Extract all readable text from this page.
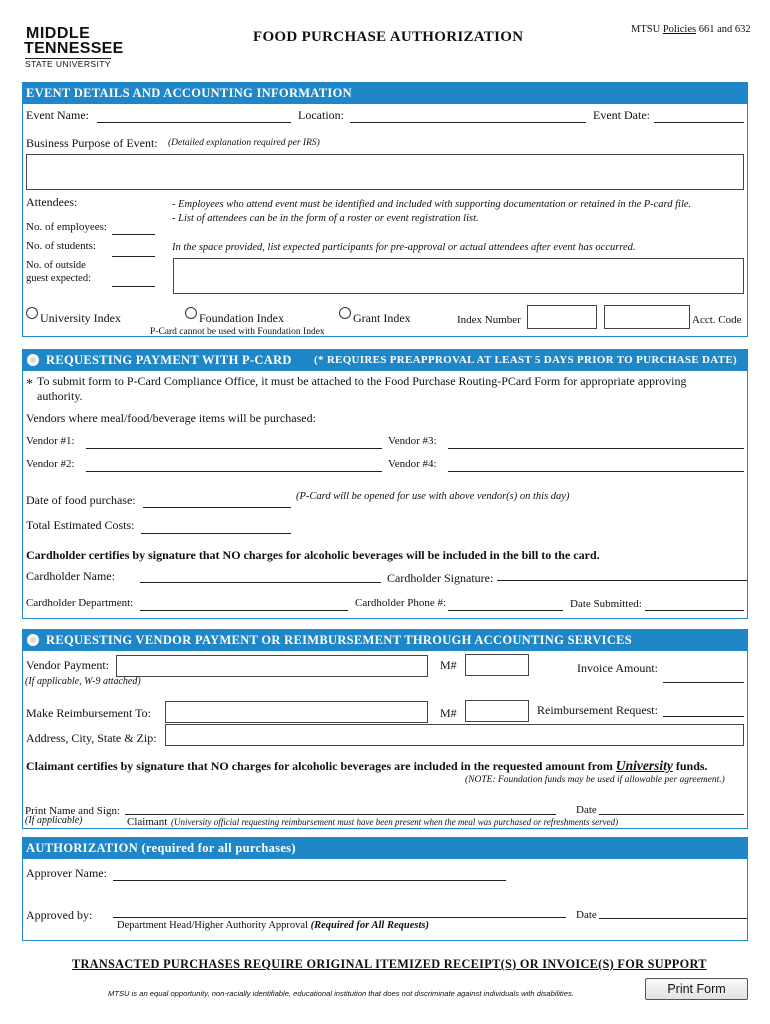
MIDDLE
TENNESSEE
STATE UNIVERSITY
FOOD PURCHASE AUTHORIZATION	MTSU Policies 661 and 632
EVENT DETAILS AND ACCOUNTING INFORMATION
Event Name:	Location:	Event Date:
Business Purpose of Event: (Detailed explanation required per IRS)
Attendees:	- Employees who attend event must be identified and included with supporting documentation or retained in the P-card file.
- List of attendees can be in the form of a roster or event registration list.
No. of employees:
No. of students:	In the space provided, list expected participants for pre-approval or actual attendees after event has occurred.
No. of outside
guest expected:
University Index	Foundation Index	Grant Index	Index Number	Acct. Code
P-Card cannot be used with Foundation Index
REQUESTING PAYMENT WITH P-CARD (* REQUIRES PREAPPROVAL AT LEAST 5 DAYS PRIOR TO PURCHASE DATE)
* To submit form to P-Card Compliance Office, it must be attached to the Food Purchase Routing-PCard Form for appropriate approving
authority.
Vendors where meal/food/beverage items will be purchased:
Vendor #1:	Vendor #3:
Vendor #2:	Vendor #4:
Date of food purchase:	(P-Card will be opened for use with above vendor(s) on this day)
Total Estimated Costs:
Cardholder certifies by signature that NO charges for alcoholic beverages will be included in the bill to the card.
Cardholder Name:	Cardholder Signature:
Cardholder Department:	Cardholder Phone #:	Date Submitted:
REQUESTING VENDOR PAYMENT OR REIMBURSEMENT THROUGH ACCOUNTING SERVICES
Vendor Payment:	M#	Invoice Amount:
(If applicable, W-9 attached)
Make Reimbursement To:	M#	Reimbursement Request:
Address, City, State & Zip:
Claimant certifies by signature that NO charges for alcoholic beverages are included in the requested amount from University funds.
(NOTE: Foundation funds may be used if allowable per agreement.)
Print Name and Sign:	Date
(If applicable)	Claimant (University official requesting reimbursement must have been present when the meal was purchased or refreshments served)
AUTHORIZATION (required for all purchases)
Approver Name:
Approved by:	Date
Department Head/Higher Authority Approval (Required for All Requests)
TRANSACTED PURCHASES REQUIRE ORIGINAL ITEMIZED RECEIPT(S) OR INVOICE(S) FOR SUPPORT
MTSU is an equal opportunity, non-racially identifiable, educational institution that does not discriminate against individuals with disabilities.	Print Form
